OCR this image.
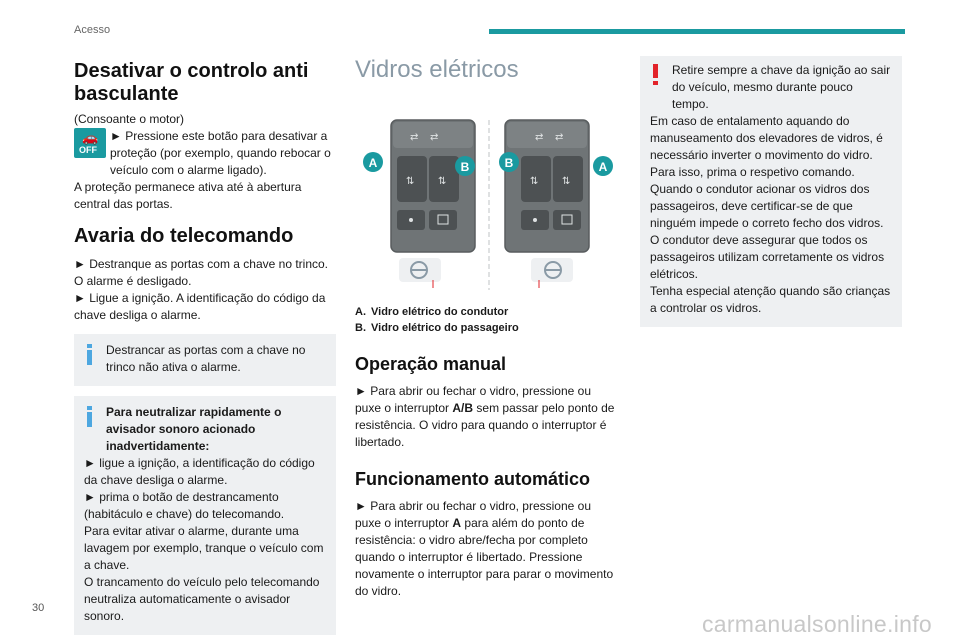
Acesso
Desativar o controlo anti basculante

(Consoante o motor)

🚗
OFF

► Pressione este botão para desativar a proteção (por exemplo, quando rebocar o veículo com o alarme ligado).

A proteção permanece ativa até à abertura central das portas.

Avaria do telecomando

► Destranque as portas com a chave no trinco. O alarme é desligado.

► Ligue a ignição. A identificação do código da chave desliga o alarme.

Destrancar as portas com a chave no trinco não ativa o alarme.

Para neutralizar rapidamente o avisador sonoro acionado inadvertidamente:

► ligue a ignição, a identificação do código da chave desliga o alarme.

► prima o botão de destrancamento (habitáculo e chave) do telecomando.

Para evitar ativar o alarme, durante uma lavagem por exemplo, tranque o veículo com a chave.

O trancamento do veículo pelo telecomando neutraliza automaticamente o avisador sonoro.

Vidros elétricos
⇄ ⇄
⇅ ⇅
⇄ ⇄
⇅ ⇅
A	B	B	A
A. Vidro elétrico do condutor
B. Vidro elétrico do passageiro
Operação manual

► Para abrir ou fechar o vidro, pressione ou puxe o interruptor A/B sem passar pelo ponto de resistência. O vidro para quando o interruptor é libertado.

Funcionamento automático

► Para abrir ou fechar o vidro, pressione ou puxe o interruptor A para além do ponto de resistência: o vidro abre/fecha por completo quando o interruptor é libertado. Pressione novamente o interruptor para parar o movimento do vidro.

Retire sempre a chave da ignição ao sair do veículo, mesmo durante pouco tempo.

Em caso de entalamento aquando do manuseamento dos elevadores de vidros, é necessário inverter o movimento do vidro. Para isso, prima o respetivo comando.

Quando o condutor acionar os vidros dos passageiros, deve certificar-se de que ninguém impede o correto fecho dos vidros.

O condutor deve assegurar que todos os passageiros utilizam corretamente os vidros elétricos.

Tenha especial atenção quando são crianças a controlar os vidros.

30
carmanualsonline.info
